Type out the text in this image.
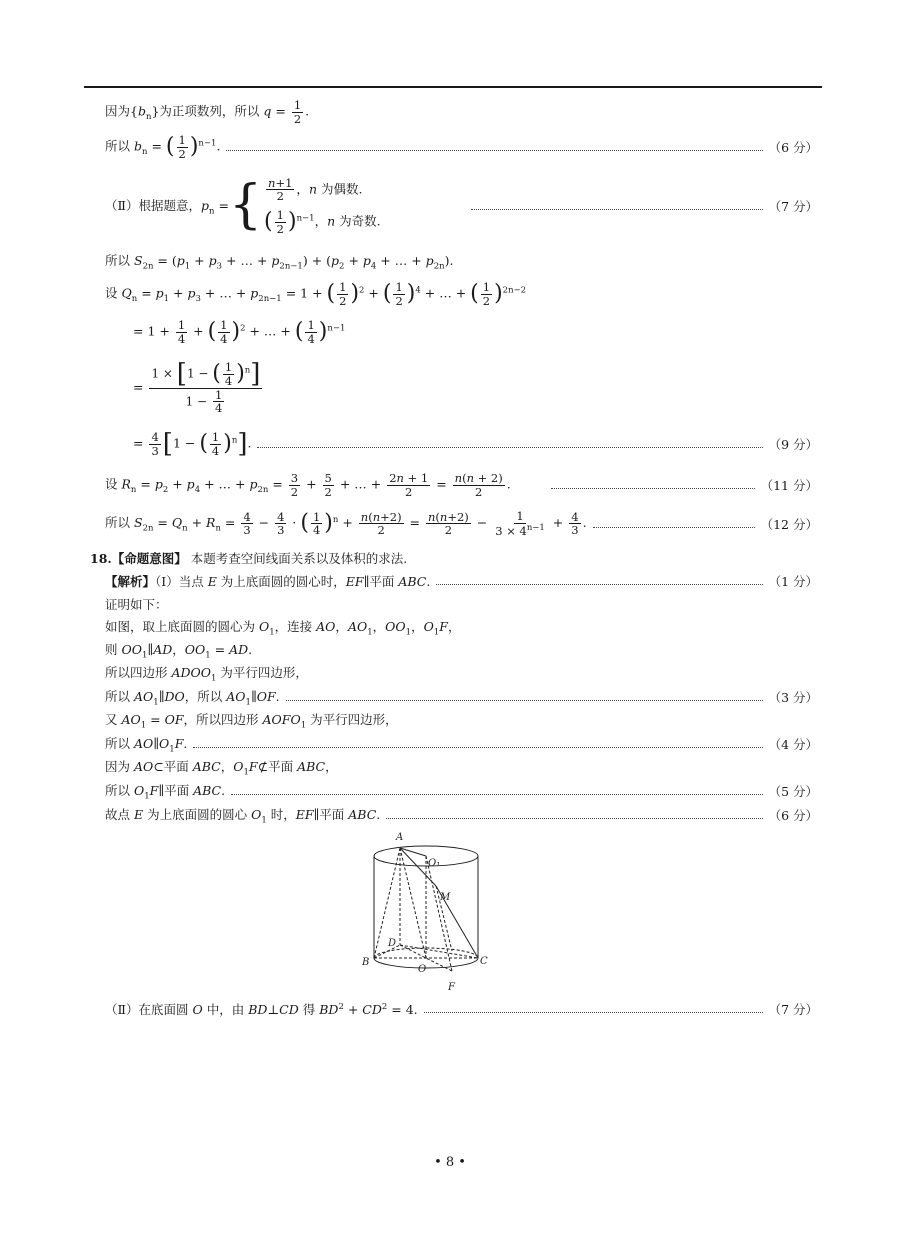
因为$\{b_n\}$为正项数列，所以 $q = \frac{1}{2}$ .
所以 $b_n$ = ( $\frac{1}{2} )^{n-1}$.	（6 分）
（Ⅱ）根据题意，$p_n$ = { $\frac{n+1}{2}$ ，n 为偶数.
( $\frac{1}{2} )^{n-1}$，n 为奇数.
（7 分）
所以 $S_{2n} = (p_1 + p_3$ + … + $p_{2n-1}) + (p_2 + p_4$ + … + $p_{2n}$).
设 $Q_n = p_1 + p_3$ + … + $p_{2n-1} = 1$ + ( $\frac{1}{2} )^2$ + ( $\frac{1}{2} )^4$ + … + ( $\frac{1}{2} )^{2n-2}$
= $1 + \frac{1}{4}$ + ( $\frac{1}{4} )^2$ + … + ( $\frac{1}{4} )^{n-1}$
= $\frac{1 \times [1 - ( \frac{1}{4} )^n]}{1 - \frac{1}{4}}$
= $\frac{4}{3} [1$ − ( $\frac{1}{4} )^n$].	（9 分）
设 $R_n = p_2 + p_4$ + … + $p_{2n} = \frac{3}{2} + \frac{5}{2}$ + … + $\frac{2n + 1}{2} = \frac{n(n + 2)}{2}$ .	（11 分）
所以 $S_{2n} = Q_n + R_n = \frac{4}{3} - \frac{4}{3}$ · ( $\frac{1}{4} )^n + \frac{n(n+2)}{2} = \frac{n(n+2)}{2} - \frac{1}{3 \times 4^{n-1}} + \frac{4}{3}$ .	（12 分）
18.【命题意图】 本题考查空间线面关系以及体积的求法.
【解析】（Ⅰ）当点 E 为上底面圆的圆心时，EF∥平面 ABC.	（1 分）
证明如下：
如图，取上底面圆的圆心为 $O_1$，连接 AO，$AO_1$，$OO_1$，$O_1F$，
则 $OO_1\parallel AD$，$OO_1$ = AD.
所以四边形 $ADOO_1$ 为平行四边形，
所以 $AO_1\parallel DO$，所以 $AO_1\parallel OF$.	（3 分）
又 $AO_1$ = OF，所以四边形 $AOFO_1$ 为平行四边形，
所以 $AO\parallel O_1F$.	（4 分）
因为 AO⊂平面 ABC，$O_1F⊄$平面 ABC，
所以 $O_1F\parallel$平面 ABC.	（5 分）
故点 E 为上底面圆的圆心 $O_1$ 时，EF∥平面 ABC.	（6 分）
A
O₁
M
D
B
O
C
F
（Ⅱ）在底面圆 O 中，由 BD⊥CD 得 $BD^2 + CD^2 = 4$.	（7 分）
• 8 •
